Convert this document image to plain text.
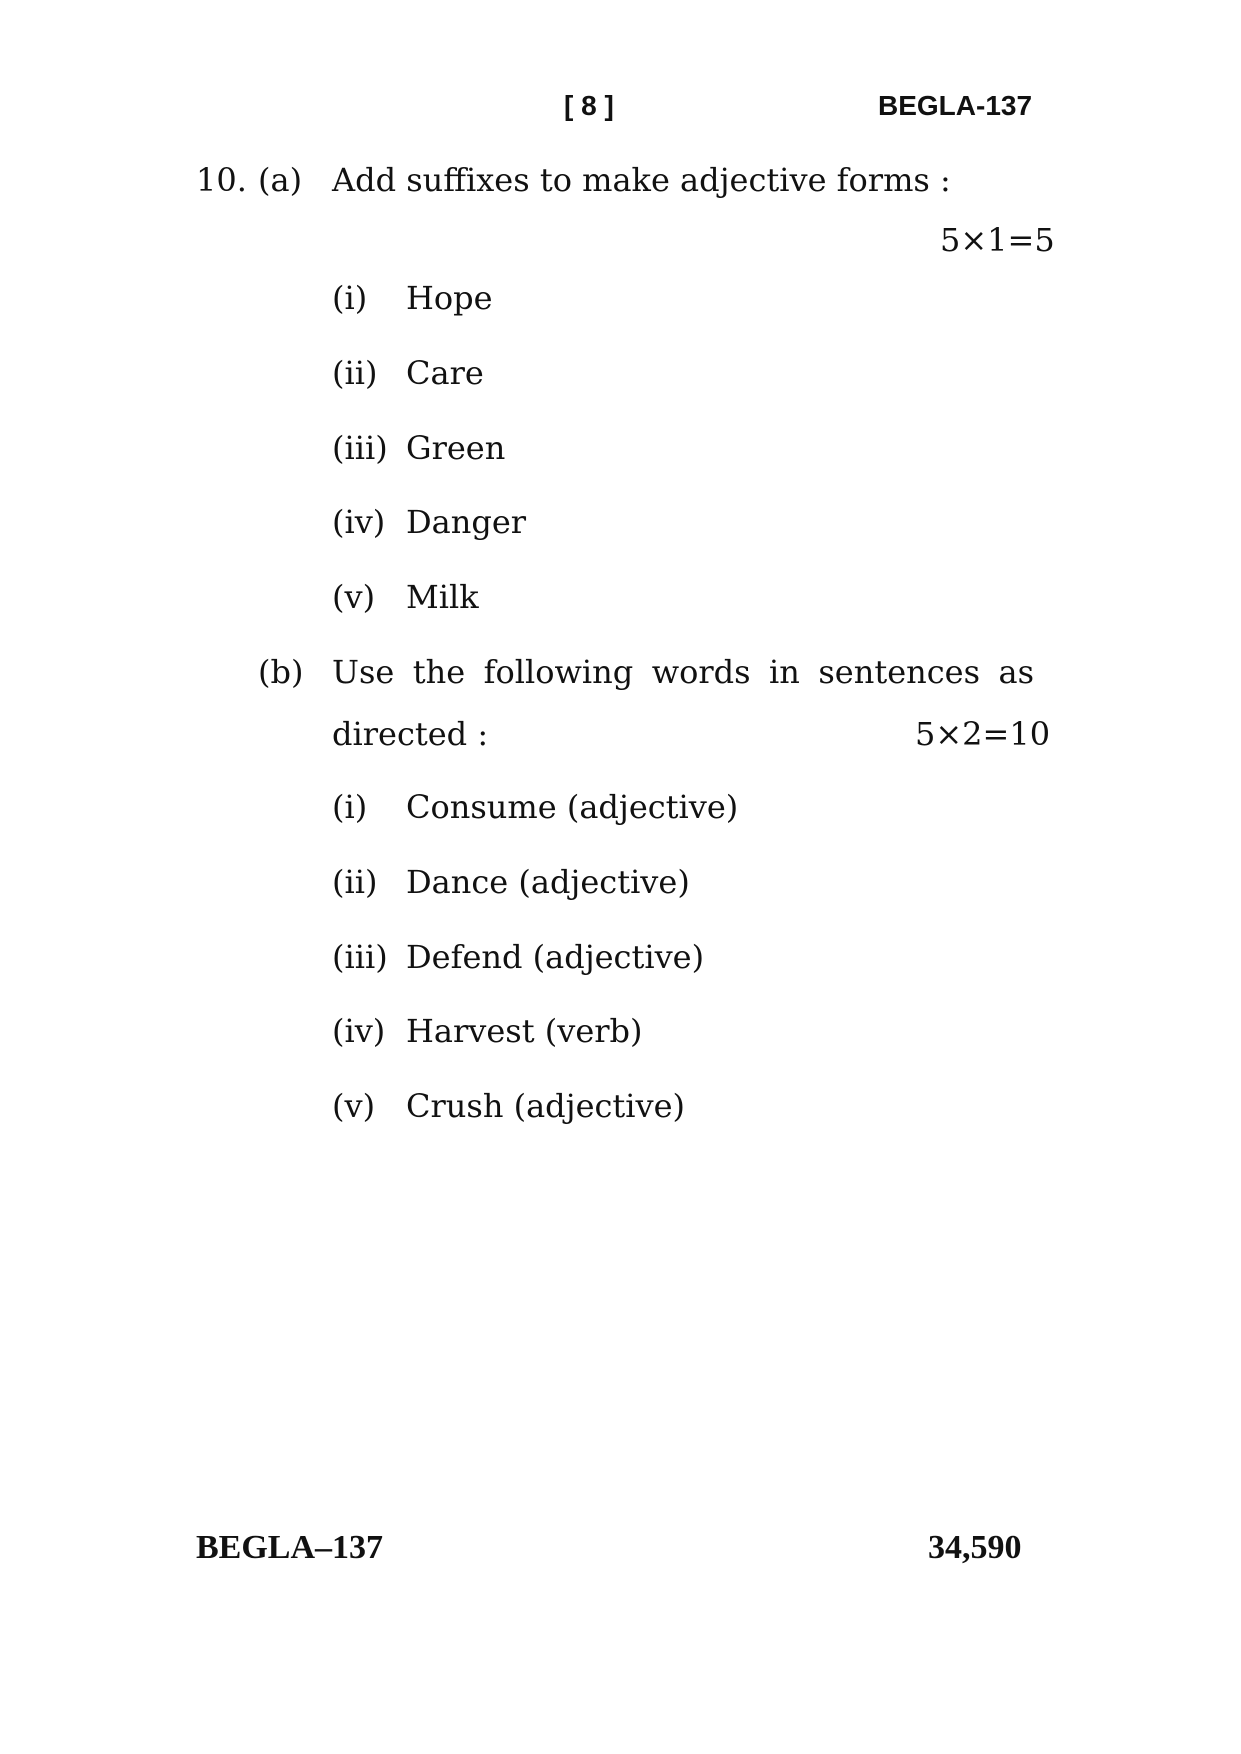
[ 8 ]	BEGLA-137
10. (a) Add suffixes to make adjective forms :
5×1=5
(i) Hope
(ii) Care
(iii) Green
(iv) Danger
(v) Milk
(b) Use the following words in sentences as
directed :	5×2=10
(i) Consume (adjective)
(ii) Dance (adjective)
(iii) Defend (adjective)
(iv) Harvest (verb)
(v) Crush (adjective)
BEGLA–137	34,590
